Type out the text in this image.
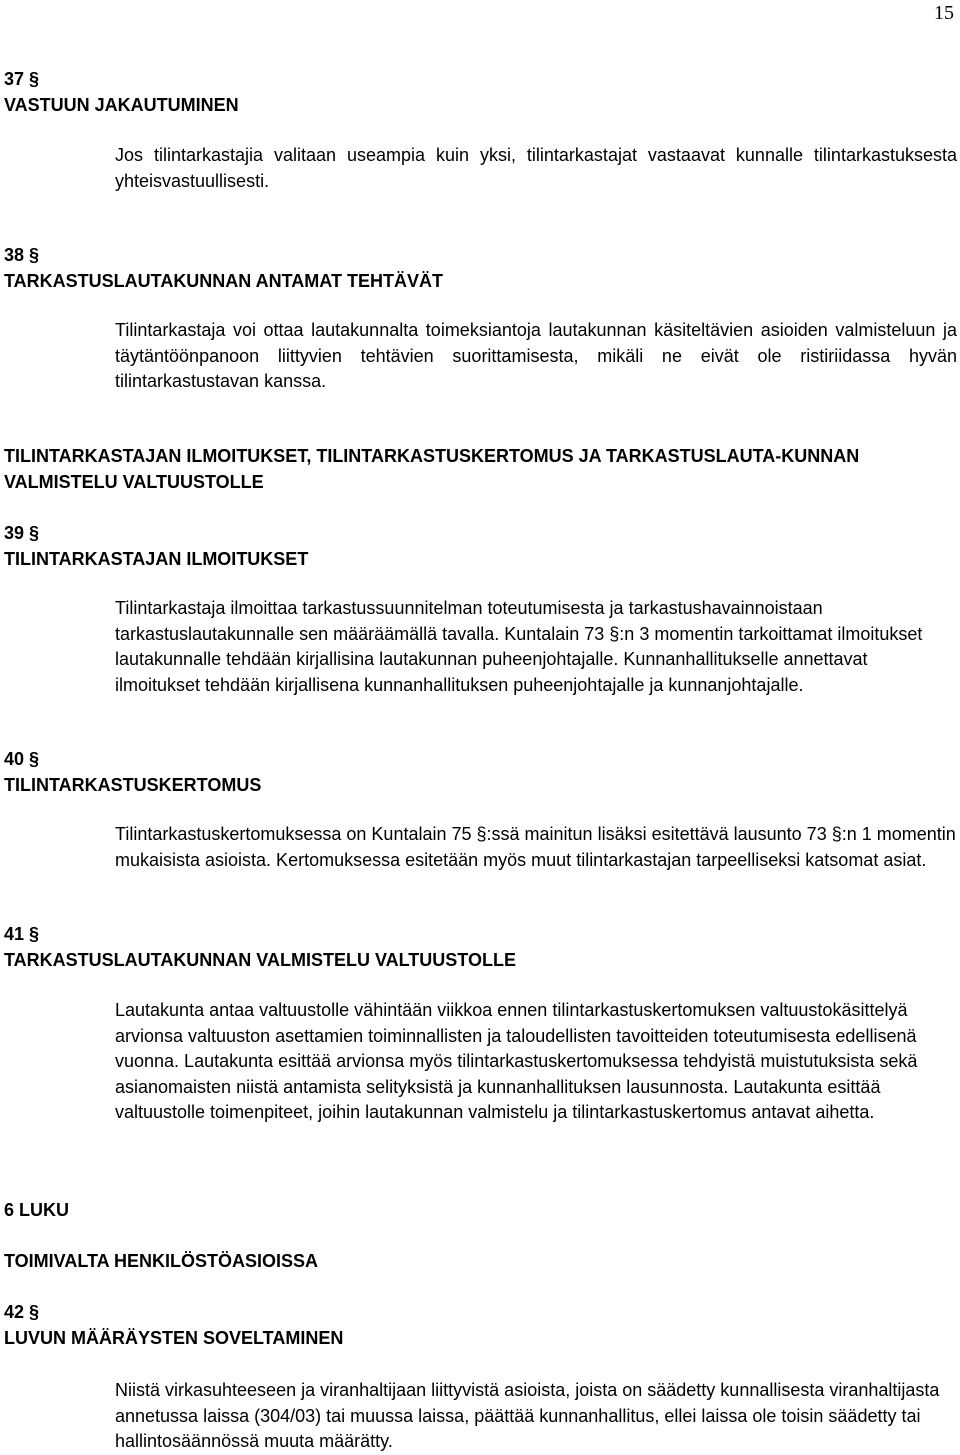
15

37 §
VASTUUN JAKAUTUMINEN

Jos tilintarkastajia valitaan useampia kuin yksi, tilintarkastajat vastaavat kunnalle tilintarkastuksesta yhteisvastuullisesti.

38 §
TARKASTUSLAUTAKUNNAN ANTAMAT TEHTÄVÄT

Tilintarkastaja voi ottaa lautakunnalta toimeksiantoja lautakunnan käsiteltävien asioiden valmisteluun ja täytäntöönpanoon liittyvien tehtävien suorittamisesta, mikäli ne eivät ole ristiriidassa hyvän tilintarkastustavan kanssa.

TILINTARKASTAJAN ILMOITUKSET, TILINTARKASTUSKERTOMUS JA TARKASTUSLAUTA-KUNNAN VALMISTELU VALTUUSTOLLE

39 §
TILINTARKASTAJAN ILMOITUKSET

Tilintarkastaja ilmoittaa tarkastussuunnitelman toteutumisesta ja tarkastushavainnoistaan tarkastuslautakunnalle sen määräämällä tavalla. Kuntalain 73 §:n 3 momentin tarkoittamat ilmoitukset lautakunnalle tehdään kirjallisina lautakunnan puheenjohtajalle. Kunnanhallitukselle annettavat ilmoitukset tehdään kirjallisena kunnanhallituksen puheenjohtajalle ja kunnanjohtajalle.

40 §
TILINTARKASTUSKERTOMUS

Tilintarkastuskertomuksessa on Kuntalain 75 §:ssä mainitun lisäksi esitettävä lausunto 73 §:n 1 momentin mukaisista asioista. Kertomuksessa esitetään myös muut tilintarkastajan tarpeelliseksi katsomat asiat.

41 §
TARKASTUSLAUTAKUNNAN VALMISTELU VALTUUSTOLLE

Lautakunta antaa valtuustolle vähintään viikkoa ennen tilintarkastuskertomuksen valtuustokäsittelyä arvionsa valtuuston asettamien toiminnallisten ja taloudellisten tavoitteiden toteutumisesta edellisenä vuonna. Lautakunta esittää arvionsa myös tilintarkastuskertomuksessa tehdyistä muistutuksista sekä asianomaisten niistä antamista selityksistä ja kunnanhallituksen lausunnosta. Lautakunta esittää valtuustolle toimenpiteet, joihin lautakunnan valmistelu ja tilintarkastuskertomus antavat aihetta.

6 LUKU

TOIMIVALTA HENKILÖSTÖASIOISSA

42 §
LUVUN MÄÄRÄYSTEN SOVELTAMINEN

Niistä virkasuhteeseen ja viranhaltijaan liittyvistä asioista, joista on säädetty kunnallisesta viranhaltijasta annetussa laissa (304/03) tai muussa laissa, päättää kunnanhallitus, ellei laissa ole toisin säädetty tai hallintosäännössä muuta määrätty.
